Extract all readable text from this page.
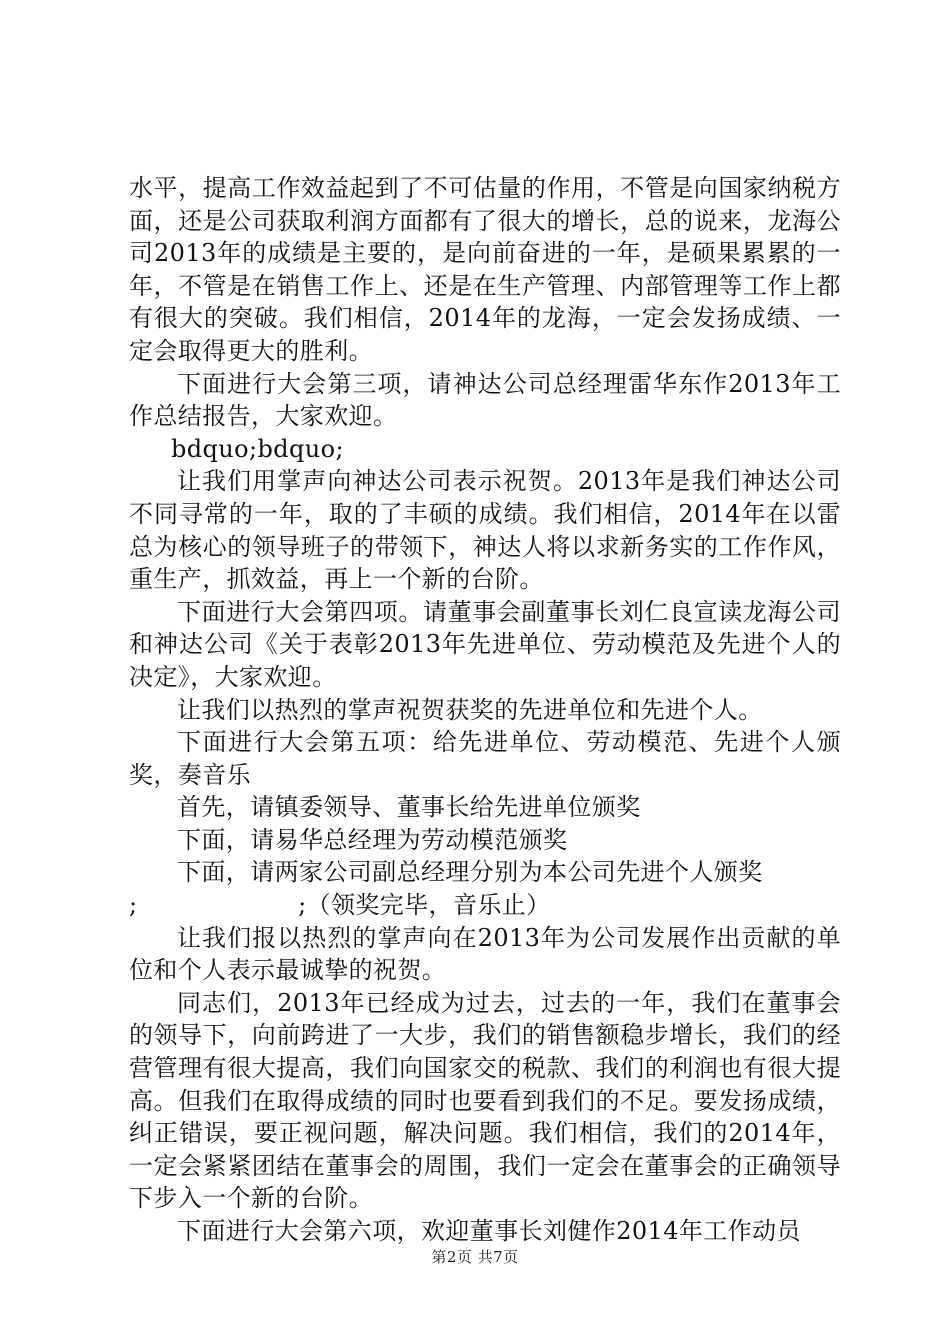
水平，提高工作效益起到了不可估量的作用，不管是向国家纳税方面，还是公司获取利润方面都有了很大的增长，总的说来，龙海公司2013年的成绩是主要的，是向前奋进的一年，是硕果累累的一年，不管是在销售工作上、还是在生产管理、内部管理等工作上都有很大的突破。我们相信，2014年的龙海，一定会发扬成绩、一定会取得更大的胜利。

下面进行大会第三项，请神达公司总经理雷华东作2013年工作总结报告，大家欢迎。

bdquo;bdquo;

让我们用掌声向神达公司表示祝贺。2013年是我们神达公司不同寻常的一年，取的了丰硕的成绩。我们相信，2014年在以雷总为核心的领导班子的带领下，神达人将以求新务实的工作作风，重生产，抓效益，再上一个新的台阶。

下面进行大会第四项。请董事会副董事长刘仁良宣读龙海公司和神达公司《关于表彰2013年先进单位、劳动模范及先进个人的决定》，大家欢迎。

让我们以热烈的掌声祝贺获奖的先进单位和先进个人。

下面进行大会第五项：给先进单位、劳动模范、先进个人颁奖，奏音乐

首先，请镇委领导、董事长给先进单位颁奖

下面，请易华总经理为劳动模范颁奖

下面，请两家公司副总经理分别为本公司先进个人颁奖

;                    ;（领奖完毕，音乐止）

让我们报以热烈的掌声向在2013年为公司发展作出贡献的单位和个人表示最诚挚的祝贺。

同志们，2013年已经成为过去，过去的一年，我们在董事会的领导下，向前跨进了一大步，我们的销售额稳步增长，我们的经营管理有很大提高，我们向国家交的税款、我们的利润也有很大提高。但我们在取得成绩的同时也要看到我们的不足。要发扬成绩，纠正错误，要正视问题，解决问题。我们相信，我们的2014年，一定会紧紧团结在董事会的周围，我们一定会在董事会的正确领导下步入一个新的台阶。

下面进行大会第六项，欢迎董事长刘健作2014年工作动员

第2页 共7页
